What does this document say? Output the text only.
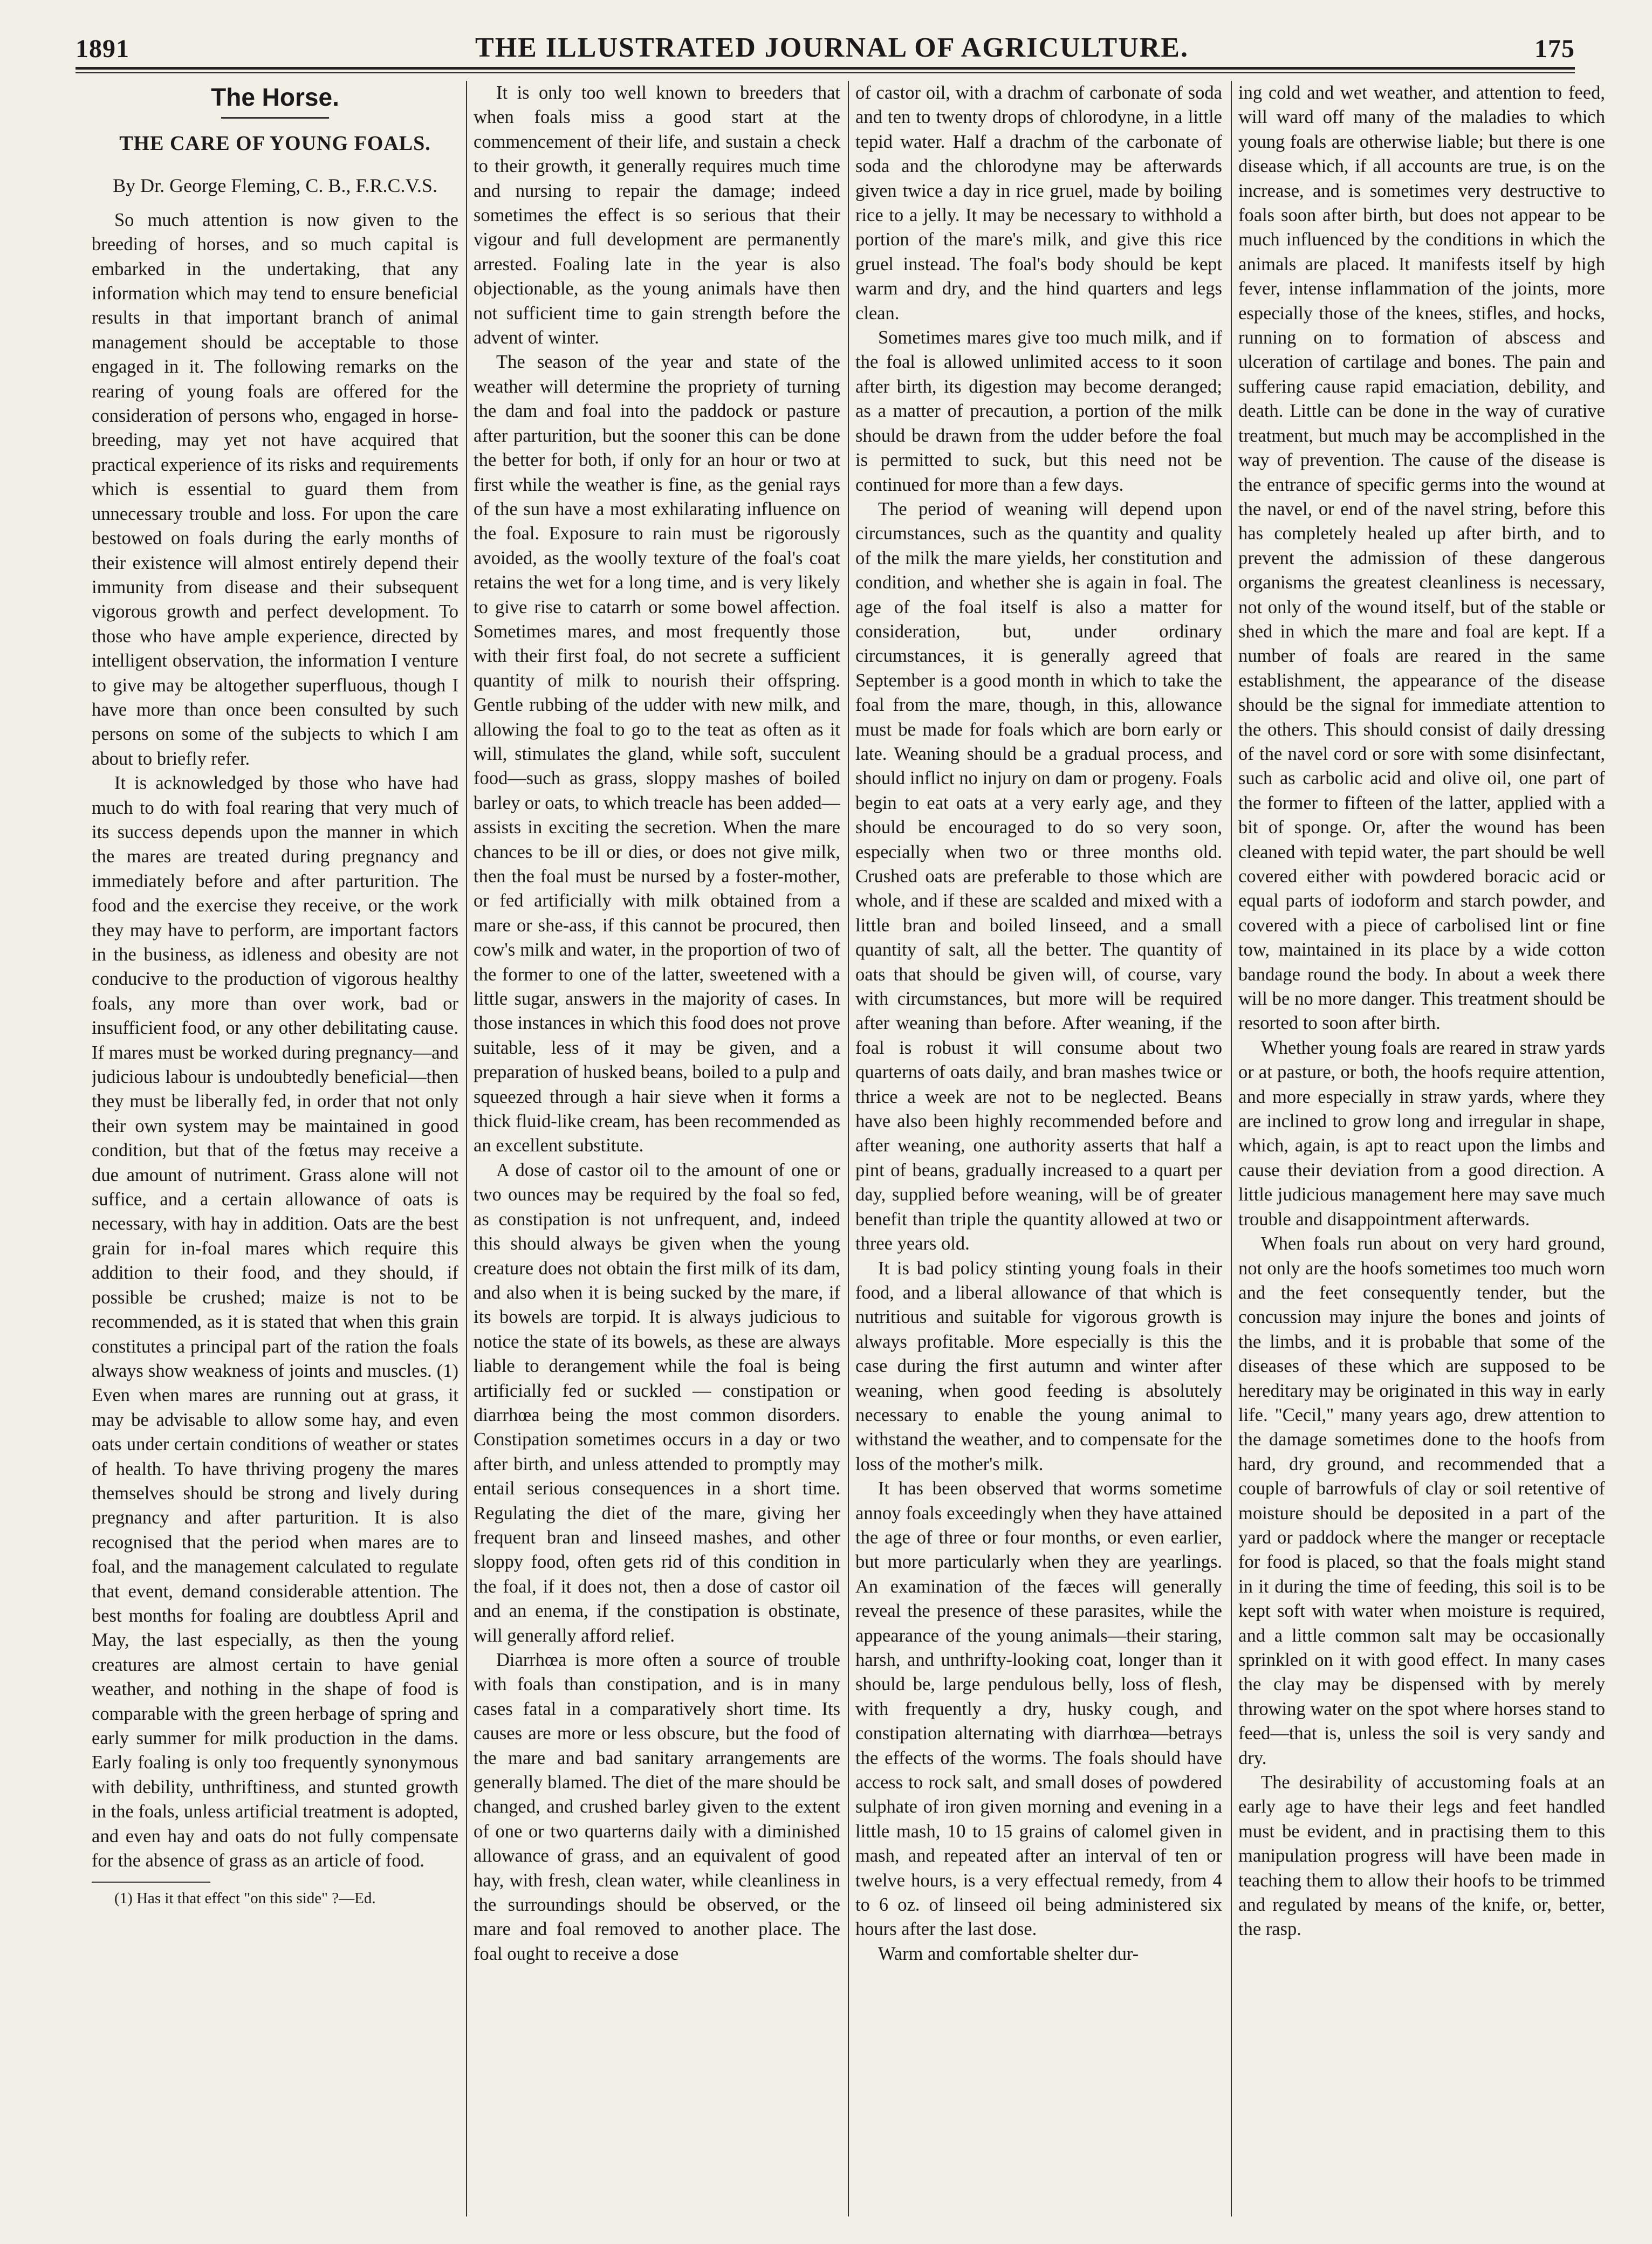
1891	THE ILLUSTRATED JOURNAL OF AGRICULTURE.	175
The Horse.
THE CARE OF YOUNG FOALS.
By Dr. George Fleming, C. B., F.R.C.V.S.

So much attention is now given to the breeding of horses, and so much capital is embarked in the undertaking, that any information which may tend to ensure beneficial results in that important branch of animal management should be acceptable to those engaged in it. The following remarks on the rearing of young foals are offered for the consideration of persons who, engaged in horse-breeding, may yet not have acquired that practical experience of its risks and requirements which is essential to guard them from unnecessary trouble and loss. For upon the care bestowed on foals during the early months of their existence will almost entirely depend their immunity from disease and their subsequent vigorous growth and perfect development. To those who have ample experience, directed by intelligent observation, the information I venture to give may be altogether superfluous, though I have more than once been consulted by such persons on some of the subjects to which I am about to briefly refer.

It is acknowledged by those who have had much to do with foal rearing that very much of its success depends upon the manner in which the mares are treated during pregnancy and immediately before and after parturition. The food and the exercise they receive, or the work they may have to perform, are important factors in the business, as idleness and obesity are not conducive to the production of vigorous healthy foals, any more than over work, bad or insufficient food, or any other debilitating cause. If mares must be worked during pregnancy—and judicious labour is undoubtedly beneficial—then they must be liberally fed, in order that not only their own system may be maintained in good condition, but that of the fœtus may receive a due amount of nutriment. Grass alone will not suffice, and a certain allowance of oats is necessary, with hay in addition. Oats are the best grain for in-foal mares which require this addition to their food, and they should, if possible be crushed; maize is not to be recommended, as it is stated that when this grain constitutes a principal part of the ration the foals always show weakness of joints and muscles. (1) Even when mares are running out at grass, it may be advisable to allow some hay, and even oats under certain conditions of weather or states of health. To have thriving progeny the mares themselves should be strong and lively during pregnancy and after parturition. It is also recognised that the period when mares are to foal, and the management calculated to regulate that event, demand considerable attention. The best months for foaling are doubtless April and May, the last especially, as then the young creatures are almost certain to have genial weather, and nothing in the shape of food is comparable with the green herbage of spring and early summer for milk production in the dams. Early foaling is only too frequently synonymous with debility, unthriftiness, and stunted growth in the foals, unless artificial treatment is adopted, and even hay and oats do not fully compensate for the absence of grass as an article of food.

(1) Has it that effect "on this side" ?—Ed.

It is only too well known to breeders that when foals miss a good start at the commencement of their life, and sustain a check to their growth, it generally requires much time and nursing to repair the damage; indeed sometimes the effect is so serious that their vigour and full development are permanently arrested. Foaling late in the year is also objectionable, as the young animals have then not sufficient time to gain strength before the advent of winter.

The season of the year and state of the weather will determine the propriety of turning the dam and foal into the paddock or pasture after parturition, but the sooner this can be done the better for both, if only for an hour or two at first while the weather is fine, as the genial rays of the sun have a most exhilarating influence on the foal. Exposure to rain must be rigorously avoided, as the woolly texture of the foal's coat retains the wet for a long time, and is very likely to give rise to catarrh or some bowel affection. Sometimes mares, and most frequently those with their first foal, do not secrete a sufficient quantity of milk to nourish their offspring. Gentle rubbing of the udder with new milk, and allowing the foal to go to the teat as often as it will, stimulates the gland, while soft, succulent food—such as grass, sloppy mashes of boiled barley or oats, to which treacle has been added—assists in exciting the secretion. When the mare chances to be ill or dies, or does not give milk, then the foal must be nursed by a foster-mother, or fed artificially with milk obtained from a mare or she-ass, if this cannot be procured, then cow's milk and water, in the proportion of two of the former to one of the latter, sweetened with a little sugar, answers in the majority of cases. In those instances in which this food does not prove suitable, less of it may be given, and a preparation of husked beans, boiled to a pulp and squeezed through a hair sieve when it forms a thick fluid-like cream, has been recommended as an excellent substitute.

A dose of castor oil to the amount of one or two ounces may be required by the foal so fed, as constipation is not unfrequent, and, indeed this should always be given when the young creature does not obtain the first milk of its dam, and also when it is being sucked by the mare, if its bowels are torpid. It is always judicious to notice the state of its bowels, as these are always liable to derangement while the foal is being artificially fed or suckled — constipation or diarrhœa being the most common disorders. Constipation sometimes occurs in a day or two after birth, and unless attended to promptly may entail serious consequences in a short time. Regulating the diet of the mare, giving her frequent bran and linseed mashes, and other sloppy food, often gets rid of this condition in the foal, if it does not, then a dose of castor oil and an enema, if the constipation is obstinate, will generally afford relief.

Diarrhœa is more often a source of trouble with foals than constipation, and is in many cases fatal in a comparatively short time. Its causes are more or less obscure, but the food of the mare and bad sanitary arrangements are generally blamed. The diet of the mare should be changed, and crushed barley given to the extent of one or two quarterns daily with a diminished allowance of grass, and an equivalent of good hay, with fresh, clean water, while cleanliness in the surroundings should be observed, or the mare and foal removed to another place. The foal ought to receive a dose

of castor oil, with a drachm of carbonate of soda and ten to twenty drops of chlorodyne, in a little tepid water. Half a drachm of the carbonate of soda and the chlorodyne may be afterwards given twice a day in rice gruel, made by boiling rice to a jelly. It may be necessary to withhold a portion of the mare's milk, and give this rice gruel instead. The foal's body should be kept warm and dry, and the hind quarters and legs clean.

Sometimes mares give too much milk, and if the foal is allowed unlimited access to it soon after birth, its digestion may become deranged; as a matter of precaution, a portion of the milk should be drawn from the udder before the foal is permitted to suck, but this need not be continued for more than a few days.

The period of weaning will depend upon circumstances, such as the quantity and quality of the milk the mare yields, her constitution and condition, and whether she is again in foal. The age of the foal itself is also a matter for consideration, but, under ordinary circumstances, it is generally agreed that September is a good month in which to take the foal from the mare, though, in this, allowance must be made for foals which are born early or late. Weaning should be a gradual process, and should inflict no injury on dam or progeny. Foals begin to eat oats at a very early age, and they should be encouraged to do so very soon, especially when two or three months old. Crushed oats are preferable to those which are whole, and if these are scalded and mixed with a little bran and boiled linseed, and a small quantity of salt, all the better. The quantity of oats that should be given will, of course, vary with circumstances, but more will be required after weaning than before. After weaning, if the foal is robust it will consume about two quarterns of oats daily, and bran mashes twice or thrice a week are not to be neglected. Beans have also been highly recommended before and after weaning, one authority asserts that half a pint of beans, gradually increased to a quart per day, supplied before weaning, will be of greater benefit than triple the quantity allowed at two or three years old.

It is bad policy stinting young foals in their food, and a liberal allowance of that which is nutritious and suitable for vigorous growth is always profitable. More especially is this the case during the first autumn and winter after weaning, when good feeding is absolutely necessary to enable the young animal to withstand the weather, and to compensate for the loss of the mother's milk.

It has been observed that worms sometime annoy foals exceedingly when they have attained the age of three or four months, or even earlier, but more particularly when they are yearlings. An examination of the fæces will generally reveal the presence of these parasites, while the appearance of the young animals—their staring, harsh, and unthrifty-looking coat, longer than it should be, large pendulous belly, loss of flesh, with frequently a dry, husky cough, and constipation alternating with diarrhœa—betrays the effects of the worms. The foals should have access to rock salt, and small doses of powdered sulphate of iron given morning and evening in a little mash, 10 to 15 grains of calomel given in mash, and repeated after an interval of ten or twelve hours, is a very effectual remedy, from 4 to 6 oz. of linseed oil being administered six hours after the last dose.

Warm and comfortable shelter dur-

ing cold and wet weather, and attention to feed, will ward off many of the maladies to which young foals are otherwise liable; but there is one disease which, if all accounts are true, is on the increase, and is sometimes very destructive to foals soon after birth, but does not appear to be much influenced by the conditions in which the animals are placed. It manifests itself by high fever, intense inflammation of the joints, more especially those of the knees, stifles, and hocks, running on to formation of abscess and ulceration of cartilage and bones. The pain and suffering cause rapid emaciation, debility, and death. Little can be done in the way of curative treatment, but much may be accomplished in the way of prevention. The cause of the disease is the entrance of specific germs into the wound at the navel, or end of the navel string, before this has completely healed up after birth, and to prevent the admission of these dangerous organisms the greatest cleanliness is necessary, not only of the wound itself, but of the stable or shed in which the mare and foal are kept. If a number of foals are reared in the same establishment, the appearance of the disease should be the signal for immediate attention to the others. This should consist of daily dressing of the navel cord or sore with some disinfectant, such as carbolic acid and olive oil, one part of the former to fifteen of the latter, applied with a bit of sponge. Or, after the wound has been cleaned with tepid water, the part should be well covered either with powdered boracic acid or equal parts of iodoform and starch powder, and covered with a piece of carbolised lint or fine tow, maintained in its place by a wide cotton bandage round the body. In about a week there will be no more danger. This treatment should be resorted to soon after birth.

Whether young foals are reared in straw yards or at pasture, or both, the hoofs require attention, and more especially in straw yards, where they are inclined to grow long and irregular in shape, which, again, is apt to react upon the limbs and cause their deviation from a good direction. A little judicious management here may save much trouble and disappointment afterwards.

When foals run about on very hard ground, not only are the hoofs sometimes too much worn and the feet consequently tender, but the concussion may injure the bones and joints of the limbs, and it is probable that some of the diseases of these which are supposed to be hereditary may be originated in this way in early life. "Cecil," many years ago, drew attention to the damage sometimes done to the hoofs from hard, dry ground, and recommended that a couple of barrowfuls of clay or soil retentive of moisture should be deposited in a part of the yard or paddock where the manger or receptacle for food is placed, so that the foals might stand in it during the time of feeding, this soil is to be kept soft with water when moisture is required, and a little common salt may be occasionally sprinkled on it with good effect. In many cases the clay may be dispensed with by merely throwing water on the spot where horses stand to feed—that is, unless the soil is very sandy and dry.

The desirability of accustoming foals at an early age to have their legs and feet handled must be evident, and in practising them to this manipulation progress will have been made in teaching them to allow their hoofs to be trimmed and regulated by means of the knife, or, better, the rasp.
